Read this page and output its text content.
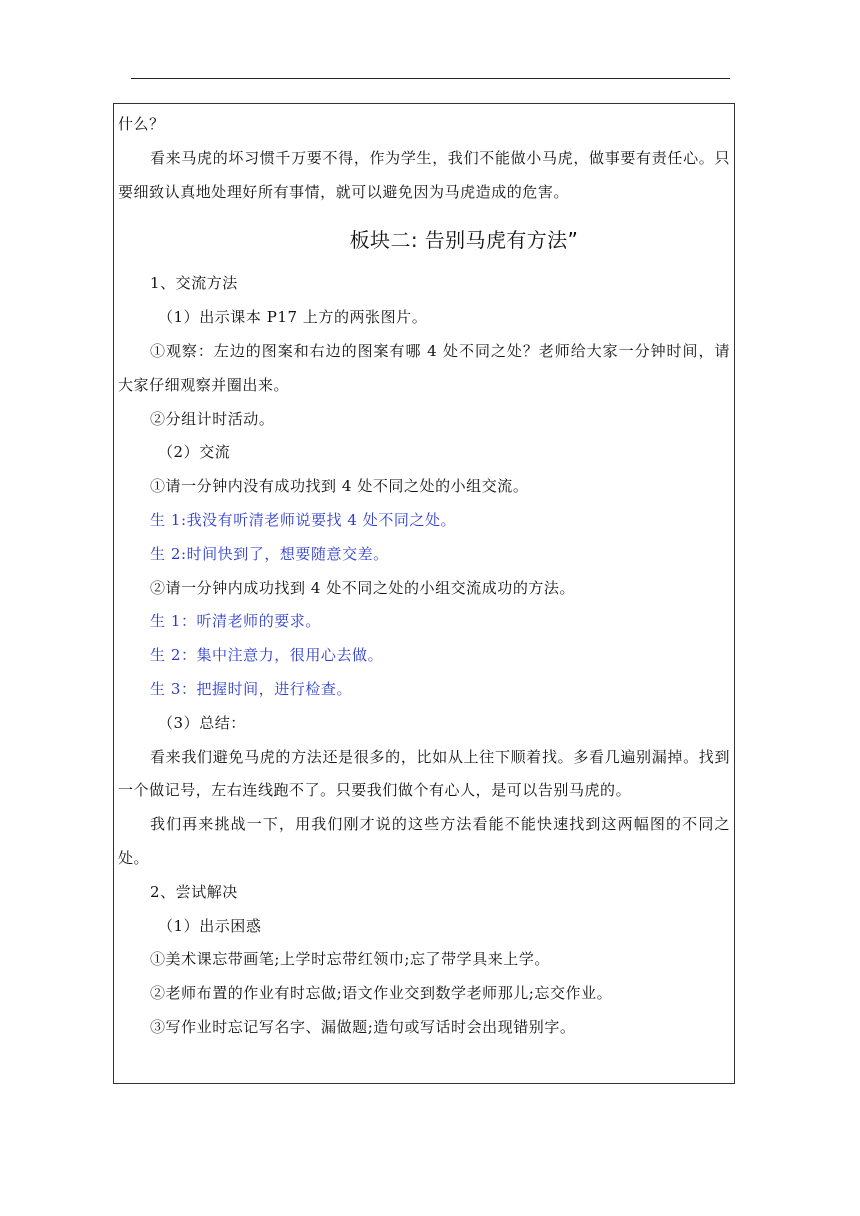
什么？

看来马虎的坏习惯千万要不得，作为学生，我们不能做小马虎，做事要有责任心。只要细致认真地处理好所有事情，就可以避免因为马虎造成的危害。

板块二: 告别马虎有方法”

1、交流方法

（1）出示课本 P17 上方的两张图片。

①观察：左边的图案和右边的图案有哪 4 处不同之处？老师给大家一分钟时间，请大家仔细观察并圈出来。

②分组计时活动。

（2）交流

①请一分钟内没有成功找到 4 处不同之处的小组交流。

生 1:我没有听清老师说要找 4 处不同之处。

生 2:时间快到了，想要随意交差。

②请一分钟内成功找到 4 处不同之处的小组交流成功的方法。

生 1：听清老师的要求。

生 2：集中注意力，很用心去做。

生 3：把握时间，进行检查。

（3）总结：

看来我们避免马虎的方法还是很多的，比如从上往下顺着找。多看几遍别漏掉。找到一个做记号，左右连线跑不了。只要我们做个有心人，是可以告别马虎的。

我们再来挑战一下，用我们刚才说的这些方法看能不能快速找到这两幅图的不同之处。

2、尝试解决

（1）出示困惑

①美术课忘带画笔;上学时忘带红领巾;忘了带学具来上学。

②老师布置的作业有时忘做;语文作业交到数学老师那儿;忘交作业。

③写作业时忘记写名字、漏做题;造句或写话时会出现错别字。
